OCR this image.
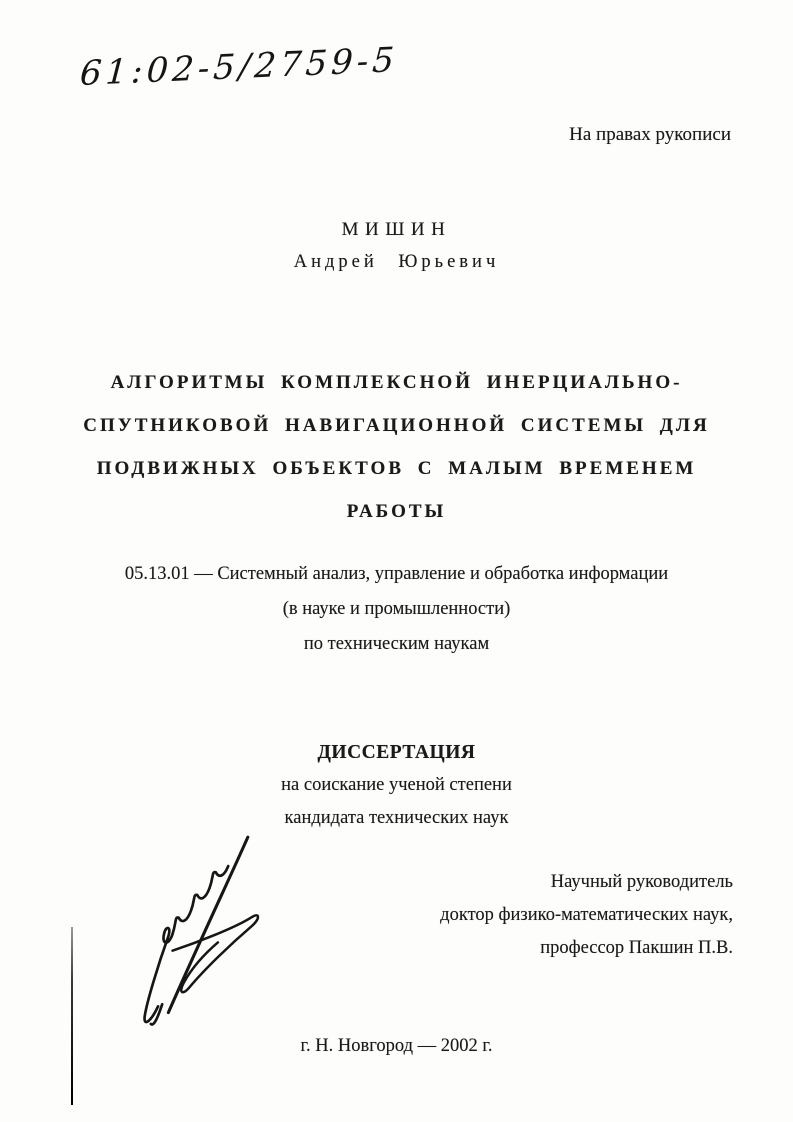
61:02-5/2759-5
На правах рукописи
МИШИН
Андрей Юрьевич
АЛГОРИТМЫ КОМПЛЕКСНОЙ ИНЕРЦИАЛЬНО-
СПУТНИКОВОЙ НАВИГАЦИОННОЙ СИСТЕМЫ ДЛЯ
ПОДВИЖНЫХ ОБЪЕКТОВ С МАЛЫМ ВРЕМЕНЕМ
РАБОТЫ
05.13.01 — Системный анализ, управление и обработка информации
(в науке и промышленности)
по техническим наукам
ДИССЕРТАЦИЯ
на соискание ученой степени
кандидата технических наук
Научный руководитель
доктор физико-математических наук,
профессор Пакшин П.В.
г. Н. Новгород — 2002 г.
